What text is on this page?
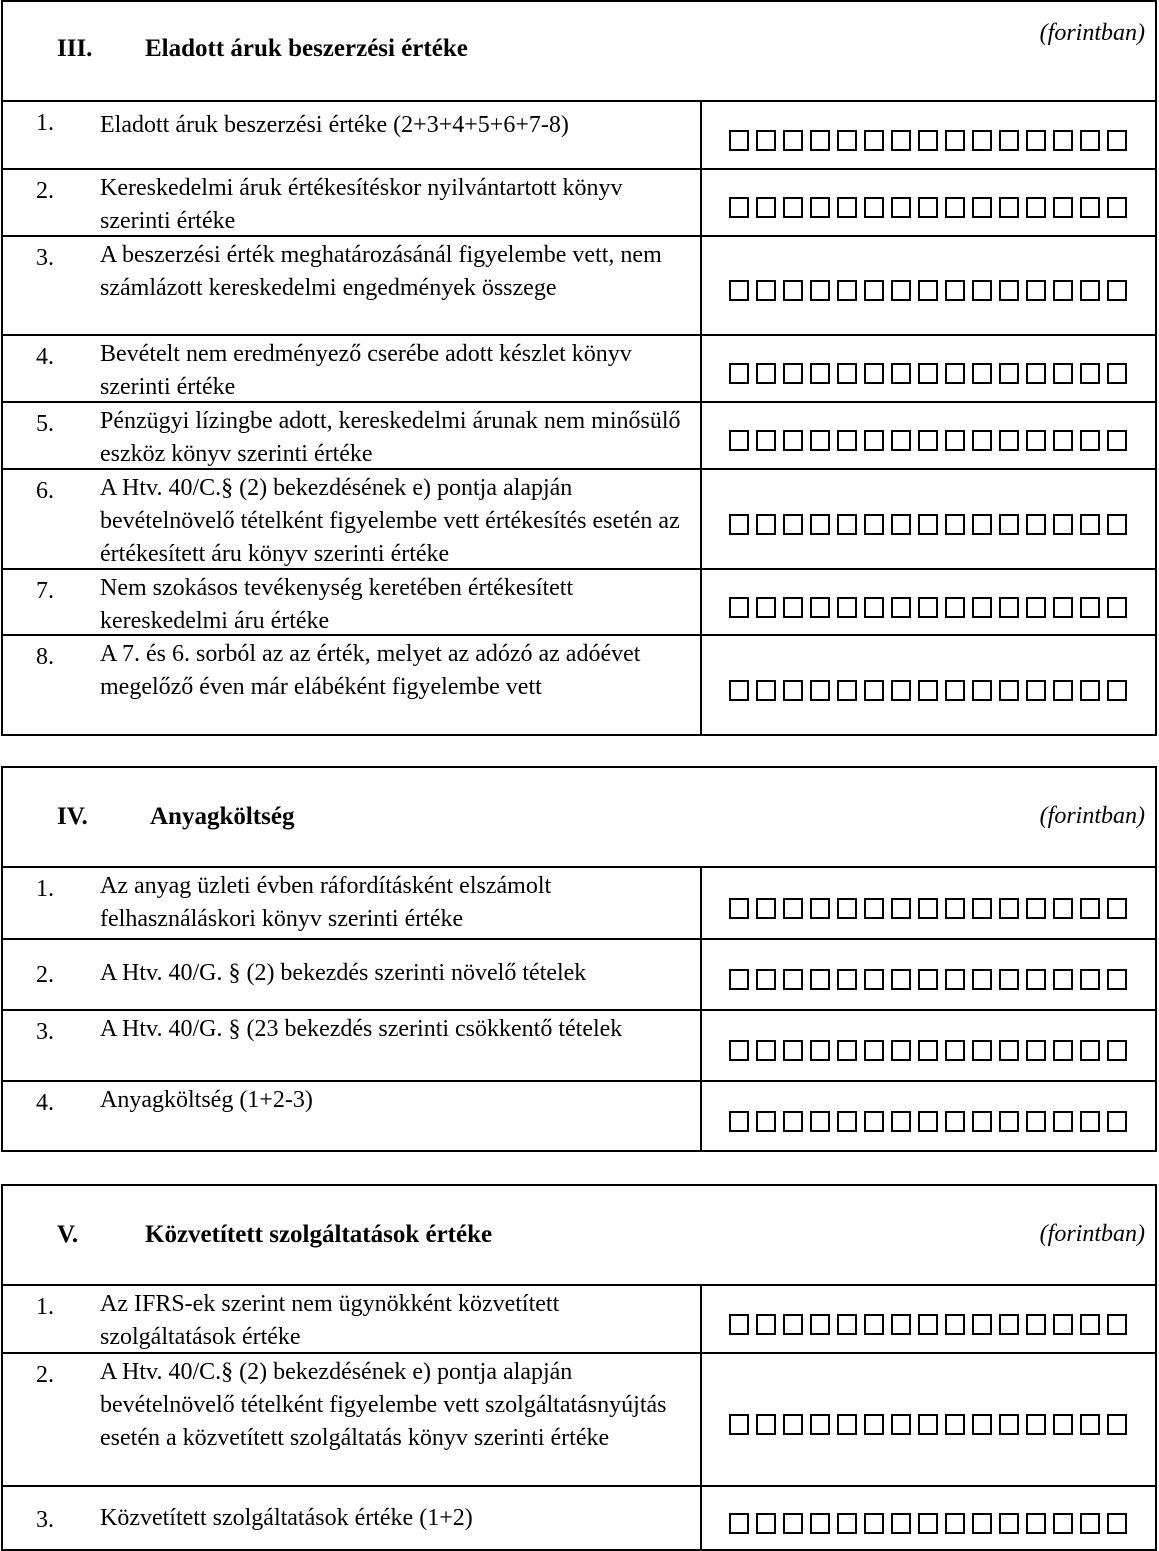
III. Eladott áruk beszerzési értéke
(forintban)
1. Eladott áruk beszerzési értéke (2+3+4+5+6+7-8)
2. Kereskedelmi áruk értékesítéskor nyilvántartott könyv szerinti értéke
3. A beszerzési érték meghatározásánál figyelembe vett, nem számlázott kereskedelmi engedmények összege
4. Bevételt nem eredményező cserébe adott készlet könyv szerinti értéke
5. Pénzügyi lízingbe adott, kereskedelmi árunak nem minősülő eszköz könyv szerinti értéke
6. A Htv. 40/C.§ (2) bekezdésének e) pontja alapján bevételnövelő tételként figyelembe vett értékesítés esetén az értékesített áru könyv szerinti értéke
7. Nem szokásos tevékenység keretében értékesített kereskedelmi áru értéke
8. A 7. és 6. sorból az az érték, melyet az adózó az adóévet megelőző éven már elábéként figyelembe vett
IV. Anyagköltség	(forintban)
1. Az anyag üzleti évben ráfordításként elszámolt felhasználáskori könyv szerinti értéke
2. A Htv. 40/G. § (2) bekezdés szerinti növelő tételek
3. A Htv. 40/G. § (23 bekezdés szerinti csökkentő tételek
4. Anyagköltség (1+2-3)
V.	Közvetített szolgáltatások értéke	(forintban)
1. Az IFRS-ek szerint nem ügynökként közvetített szolgáltatások értéke
2. A Htv. 40/C.§ (2) bekezdésének e) pontja alapján bevételnövelő tételként figyelembe vett szolgáltatásnyújtás esetén a közvetített szolgáltatás könyv szerinti értéke
3. Közvetített szolgáltatások értéke (1+2)
